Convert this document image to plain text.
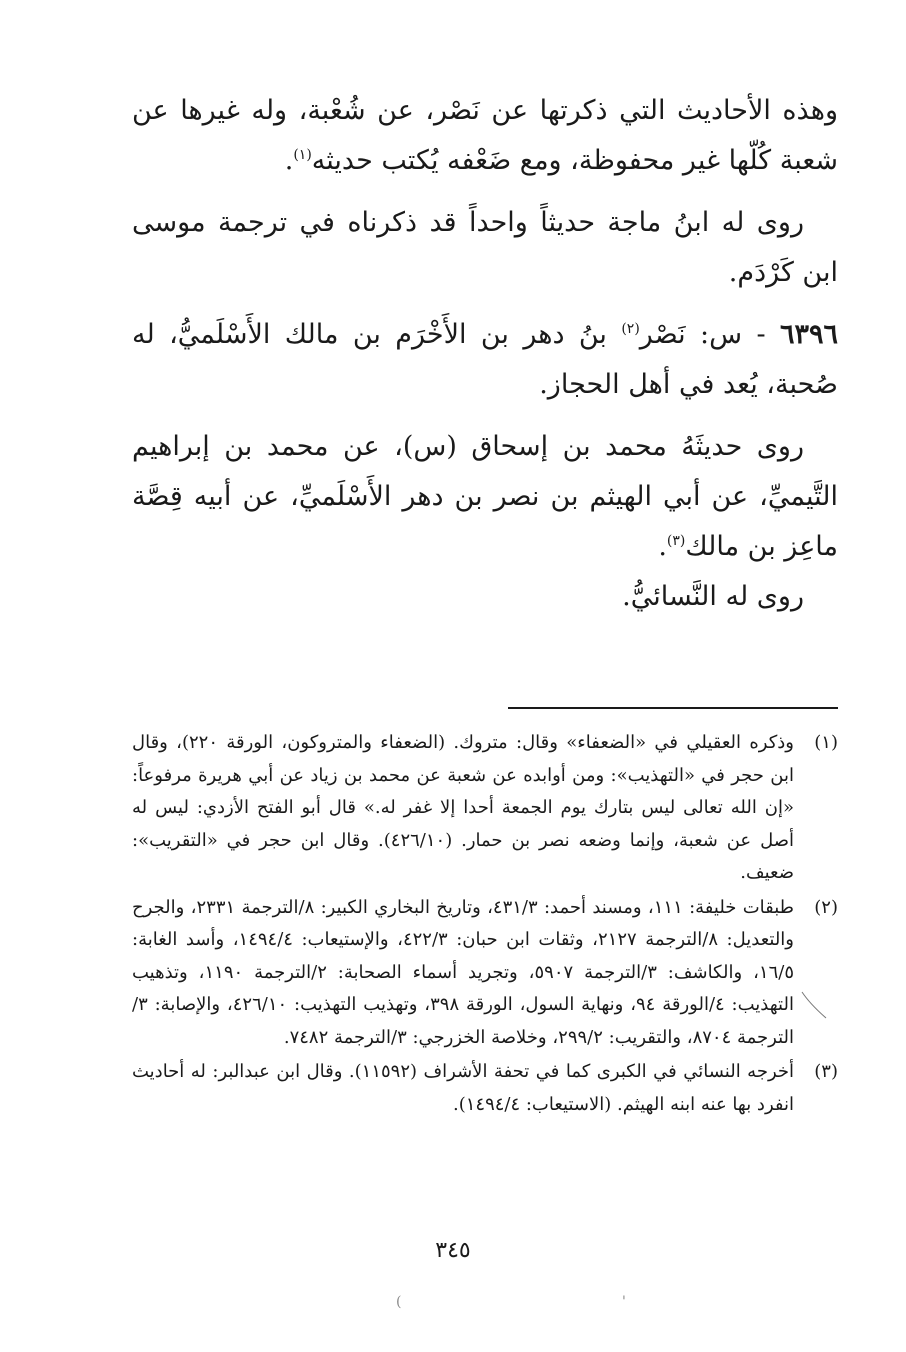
وهذه الأحاديث التي ذكرتها عن نَصْر، عن شُعْبة، وله غيرها عن شعبة كُلّها غير محفوظة، ومع ضَعْفه يُكتب حديثه$^{(١)}$.

روى له ابنُ ماجة حديثاً واحداً قد ذكرناه في ترجمة موسى ابن كَرْدَم.

٦٣٩٦ - س: نَصْر$^{(٢)}$ بنُ دهر بن الأَخْرَم بن مالك الأَسْلَميُّ، له صُحبة، يُعد في أهل الحجاز.

روى حديثَهُ محمد بن إسحاق (س)، عن محمد بن إبراهيم التَّيميِّ، عن أبي الهيثم بن نصر بن دهر الأَسْلَميِّ، عن أبيه قِصَّة ماعِز بن مالك$^{(٣)}$.

روى له النَّسائيُّ.

(١)
وذكره العقيلي في «الضعفاء» وقال: متروك. (الضعفاء والمتروكون، الورقة ٢٢٠)، وقال ابن حجر في «التهذيب»: ومن أوابده عن شعبة عن محمد بن زياد عن أبي هريرة مرفوعاً: «إن الله تعالى ليس بتارك يوم الجمعة أحدا إلا غفر له.» قال أبو الفتح الأزدي: ليس له أصل عن شعبة، وإنما وضعه نصر بن حمار. (٤٢٦/١٠). وقال ابن حجر في «التقريب»: ضعيف.
(٢)
طبقات خليفة: ١١١، ومسند أحمد: ٤٣١/٣، وتاريخ البخاري الكبير: ٨/الترجمة ٢٣٣١، والجرح والتعديل: ٨/الترجمة ٢١٢٧، وثقات ابن حبان: ٤٢٢/٣، والإستيعاب: ١٤٩٤/٤، وأسد الغابة: ١٦/٥، والكاشف: ٣/الترجمة ٥٩٠٧، وتجريد أسماء الصحابة: ٢/الترجمة ١١٩٠، وتذهيب التهذيب: ٤/الورقة ٩٤، ونهاية السول، الورقة ٣٩٨، وتهذيب التهذيب: ٤٢٦/١٠، والإصابة: ٣/الترجمة ٨٧٠٤، والتقريب: ٢٩٩/٢، وخلاصة الخزرجي: ٣/الترجمة ٧٤٨٢.
(٣)
أخرجه النسائي في الكبرى كما في تحفة الأشراف (١١٥٩٢). وقال ابن عبدالبر: له أحاديث انفرد بها عنه ابنه الهيثم. (الاستيعاب: ١٤٩٤/٤).
٣٤٥
(	'
